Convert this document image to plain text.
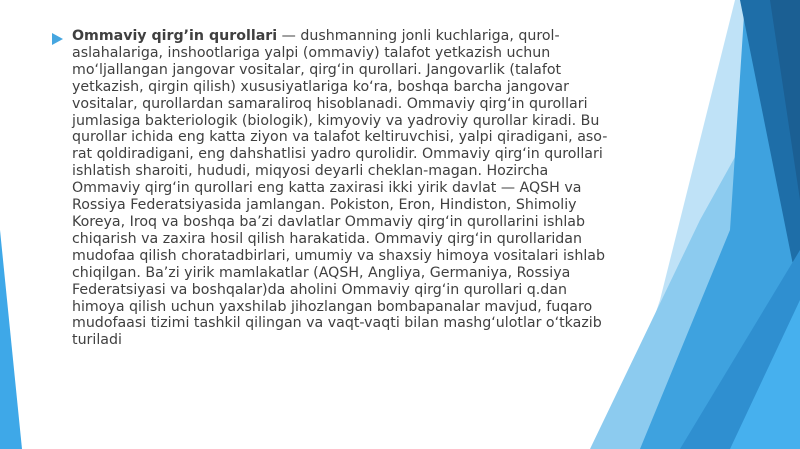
Ommaviy qirg’in qurollari — dushmanning jonli kuchlariga, qurol-aslahalariga, inshootlariga yalpi (ommaviy) talafot yetkazish uchun mo‘ljallangan jangovar vositalar, qirg‘in qurollari. Jangovarlik (talafot yetkazish, qirgin qilish) xususiyatlariga ko‘ra, boshqa barcha jangovar vositalar, qurollardan samaraliroq hisoblanadi. Ommaviy qirg‘in qurollari jumlasiga bakteriologik (biologik), kimyoviy va yadroviy qurollar kiradi. Bu qurollar ichida eng katta ziyon va talafot keltiruvchisi, yalpi qiradigani, aso-rat qoldiradigani, eng dahshatlisi yadro qurolidir. Ommaviy qirg‘in qurollari ishlatish sharoiti, hududi, miqyosi deyarli cheklan-magan. Hozircha Ommaviy qirg‘in qurollari eng katta zaxirasi ikki yirik davlat — AQSH va Rossiya Federatsiyasida jamlangan. Pokiston, Eron, Hindiston, Shimoliy Koreya, Iroq va boshqa ba’zi davlatlar Ommaviy qirg‘in qurollarini ishlab chiqarish va zaxira hosil qilish harakatida. Ommaviy qirg‘in qurollaridan mudofaa qilish choratadbirlari, umumiy va shaxsiy himoya vositalari ishlab chiqilgan. Ba’zi yirik mamlakatlar (AQSH, Angliya, Germaniya, Rossiya Federatsiyasi va boshqalar)da aholini Ommaviy qirg‘in qurollari q.dan himoya qilish uchun yaxshilab jihozlangan bombapanalar mavjud, fuqaro mudofaasi tizimi tashkil qilingan va vaqt-vaqti bilan mashg‘ulotlar o‘tkazib turiladi
